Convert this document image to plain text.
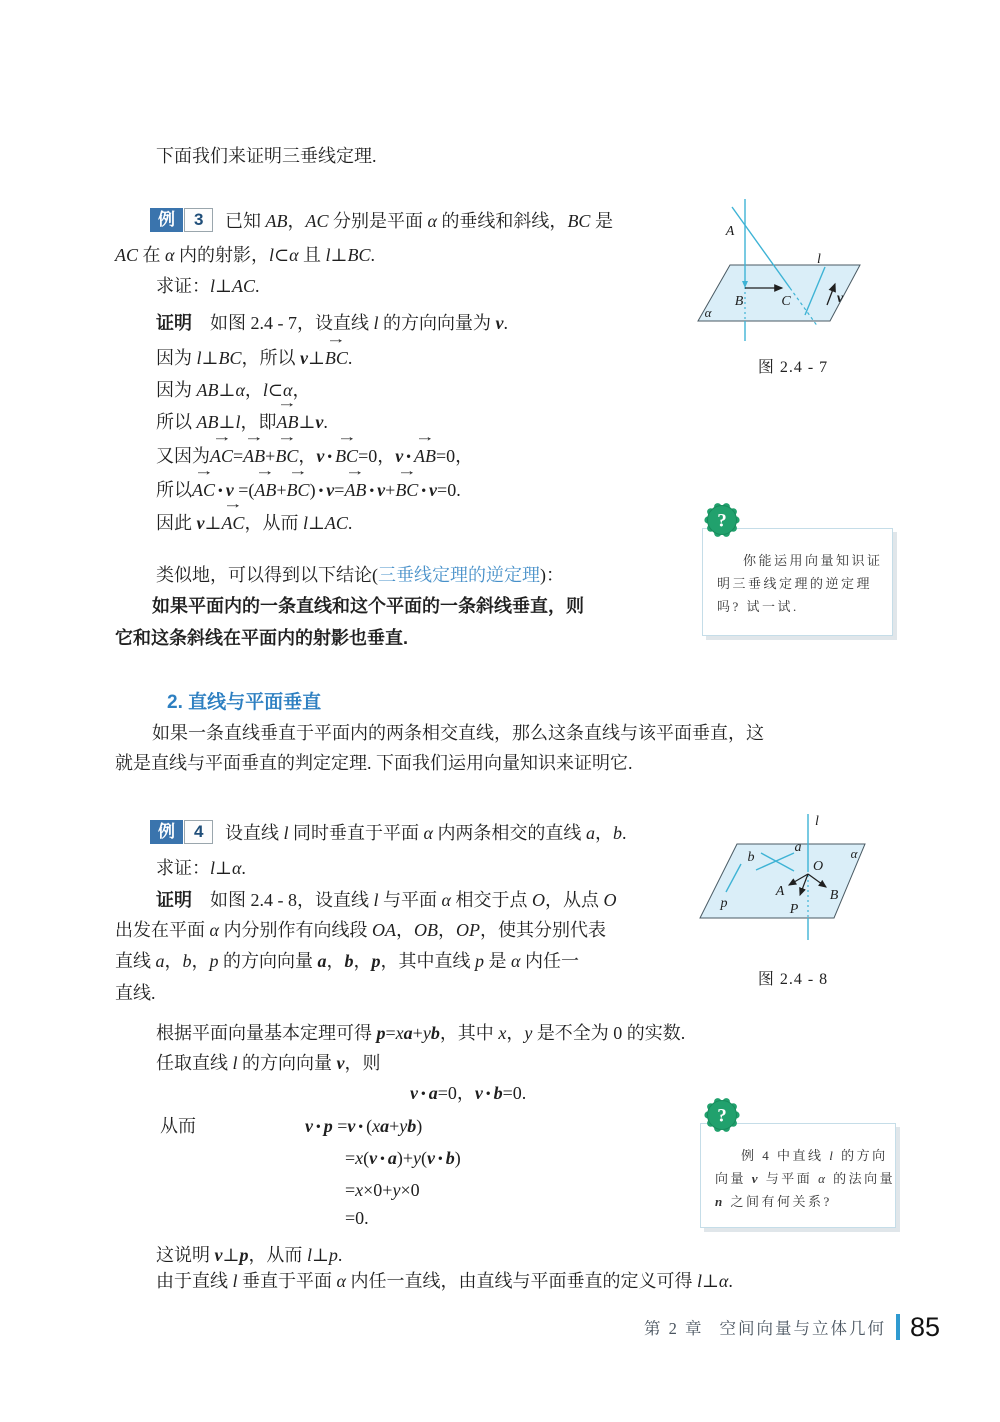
下面我们来证明三垂线定理.
例 3 已知 AB，AC 分别是平面 α 的垂线和斜线，BC 是
AC 在 α 内的射影，l⊂α 且 l⊥BC.
求证：l⊥AC.
证明　如图 2.4 - 7，设直线 l 的方向向量为 v.
因为 l⊥BC，所以 v⊥→ BC.
因为 AB⊥α，l⊂α，
所以 AB⊥l，即→ AB⊥v.
又因为→ AC=→ AB+→ BC，v • → BC=0，v • → AB=0，
所以→ AC • v =(→ AB+→ BC) • v=→ AB • v+→ BC • v=0.
因此 v⊥→ AC，从而 l⊥AC.
类似地，可以得到以下结论(三垂线定理的逆定理)：
如果平面内的一条直线和这个平面的一条斜线垂直，则
它和这条斜线在平面内的射影也垂直.
2. 直线与平面垂直
如果一条直线垂直于平面内的两条相交直线，那么这条直线与该平面垂直，这
就是直线与平面垂直的判定定理. 下面我们运用向量知识来证明它.
例 4 设直线 l 同时垂直于平面 α 内两条相交的直线 a，b.
求证：l⊥α.
证明　如图 2.4 - 8，设直线 l 与平面 α 相交于点 O，从点 O
出发在平面 α 内分别作有向线段 OA，OB，OP，使其分别代表
直线 a，b，p 的方向向量 a，b，p，其中直线 p 是 α 内任一
直线.
根据平面向量基本定理可得 p=xa+yb，其中 x，y 是不全为 0 的实数.
任取直线 l 的方向向量 v，则
v • a=0，v • b=0.
从而	v • p =v • (xa+yb)
=x(v • a)+y(v • b)
=x×0+y×0
=0.
这说明 v⊥p，从而 l⊥p.
由于直线 l 垂直于平面 α 内任一直线，由直线与平面垂直的定义可得 l⊥α.
A
B	C
α
l
v
图 2.4 - 7
?
你能运用向量知识证
明三垂线定理的逆定理
吗? 试一试.
l
α
b
a
p
O
A	B
P
图 2.4 - 8
?
例 4 中直线 l 的方向
向量 v 与平面 α 的法向量
n 之间有何关系?
第 2 章 空间向量与立体几何 85
